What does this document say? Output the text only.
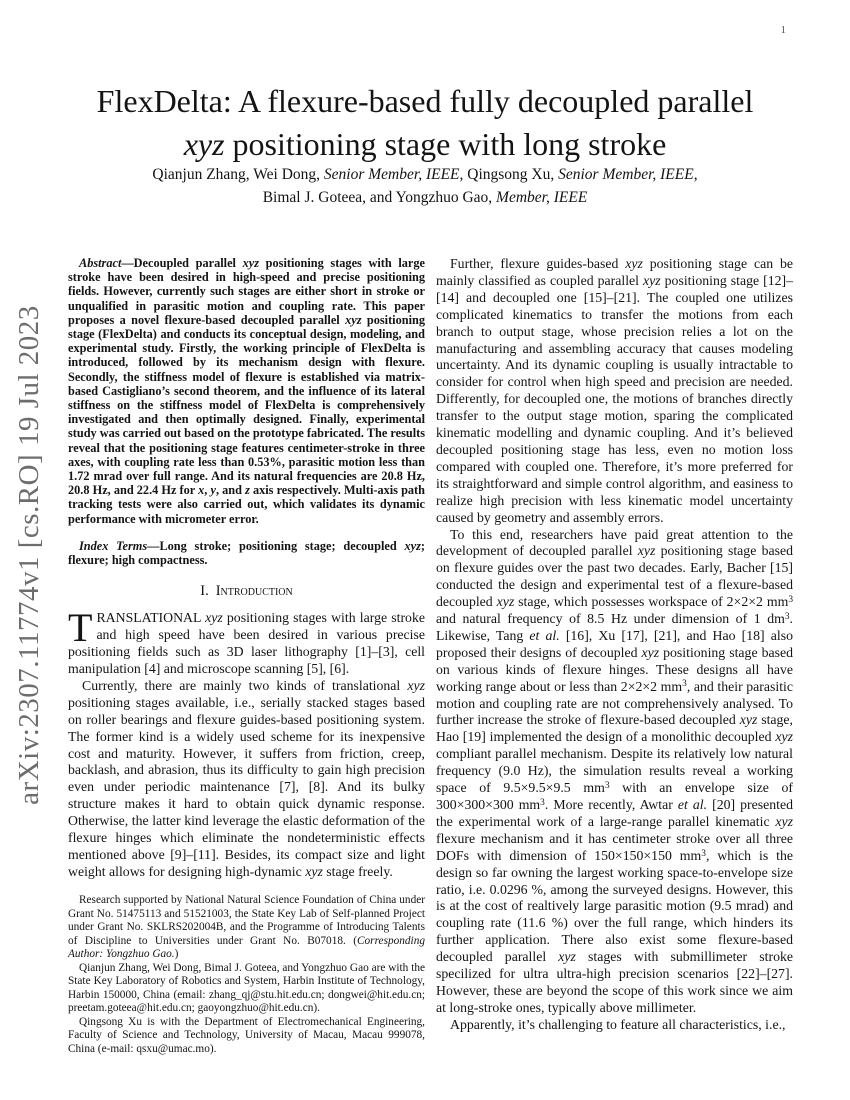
arXiv:2307.11774v1 [cs.RO] 19 Jul 2023
1
FlexDelta: A flexure-based fully decoupled parallel
xyz positioning stage with long stroke
Qianjun Zhang, Wei Dong, Senior Member, IEEE, Qingsong Xu, Senior Member, IEEE,
Bimal J. Goteea, and Yongzhuo Gao, Member, IEEE

Abstract—Decoupled parallel xyz positioning stages with large stroke have been desired in high-speed and precise positioning fields. However, currently such stages are either short in stroke or unqualified in parasitic motion and coupling rate. This paper proposes a novel flexure-based decoupled parallel xyz positioning stage (FlexDelta) and conducts its conceptual design, modeling, and experimental study. Firstly, the working principle of FlexDelta is introduced, followed by its mechanism design with flexure. Secondly, the stiffness model of flexure is established via matrix-based Castigliano’s second theorem, and the influence of its lateral stiffness on the stiffness model of FlexDelta is comprehensively investigated and then optimally designed. Finally, experimental study was carried out based on the prototype fabricated. The results reveal that the positioning stage features centimeter-stroke in three axes, with coupling rate less than 0.53%, parasitic motion less than 1.72 mrad over full range. And its natural frequencies are 20.8 Hz, 20.8 Hz, and 22.4 Hz for x, y, and z axis respectively. Multi-axis path tracking tests were also carried out, which validates its dynamic performance with micrometer error.

Index Terms—Long stroke; positioning stage; decoupled xyz; flexure; high compactness.

I. Introduction

TRANSLATIONAL xyz positioning stages with large stroke and high speed have been desired in various precise positioning fields such as 3D laser lithography [1]–[3], cell manipulation [4] and microscope scanning [5], [6].

Currently, there are mainly two kinds of translational xyz positioning stages available, i.e., serially stacked stages based on roller bearings and flexure guides-based positioning system. The former kind is a widely used scheme for its inexpensive cost and maturity. However, it suffers from friction, creep, backlash, and abrasion, thus its difficulty to gain high precision even under periodic maintenance [7], [8]. And its bulky structure makes it hard to obtain quick dynamic response. Otherwise, the latter kind leverage the elastic deformation of the flexure hinges which eliminate the nondeterministic effects mentioned above [9]–[11]. Besides, its compact size and light weight allows for designing high-dynamic xyz stage freely.

Research supported by National Natural Science Foundation of China under Grant No. 51475113 and 51521003, the State Key Lab of Self-planned Project under Grant No. SKLRS202004B, and the Programme of Introducing Talents of Discipline to Universities under Grant No. B07018. (Corresponding Author: Yongzhuo Gao.)

Qianjun Zhang, Wei Dong, Bimal J. Goteea, and Yongzhuo Gao are with the State Key Laboratory of Robotics and System, Harbin Institute of Technology, Harbin 150000, China (email: zhang_qj@stu.hit.edu.cn; dongwei@hit.edu.cn; preetam.goteea@hit.edu.cn; gaoyongzhuo@hit.edu.cn).

Qingsong Xu is with the Department of Electromechanical Engineering, Faculty of Science and Technology, University of Macau, Macau 999078, China (e-mail: qsxu@umac.mo).

Further, flexure guides-based xyz positioning stage can be mainly classified as coupled parallel xyz positioning stage [12]–[14] and decoupled one [15]–[21]. The coupled one utilizes complicated kinematics to transfer the motions from each branch to output stage, whose precision relies a lot on the manufacturing and assembling accuracy that causes modeling uncertainty. And its dynamic coupling is usually intractable to consider for control when high speed and precision are needed. Differently, for decoupled one, the motions of branches directly transfer to the output stage motion, sparing the complicated kinematic modelling and dynamic coupling. And it’s believed decoupled positioning stage has less, even no motion loss compared with coupled one. Therefore, it’s more preferred for its straightforward and simple control algorithm, and easiness to realize high precision with less kinematic model uncertainty caused by geometry and assembly errors.

To this end, researchers have paid great attention to the development of decoupled parallel xyz positioning stage based on flexure guides over the past two decades. Early, Bacher [15] conducted the design and experimental test of a flexure-based decoupled xyz stage, which possesses workspace of 2×2×2 $mm^3$ and natural frequency of 8.5 Hz under dimension of 1 $dm^3$. Likewise, Tang et al. [16], Xu [17], [21], and Hao [18] also proposed their designs of decoupled xyz positioning stage based on various kinds of flexure hinges. These designs all have working range about or less than 2×2×2 $mm^3$, and their parasitic motion and coupling rate are not comprehensively analysed. To further increase the stroke of flexure-based decoupled xyz stage, Hao [19] implemented the design of a monolithic decoupled xyz compliant parallel mechanism. Despite its relatively low natural frequency (9.0 Hz), the simulation results reveal a working space of 9.5×9.5×9.5 $mm^3$ with an envelope size of 300×300×300 $mm^3$. More recently, Awtar et al. [20] presented the experimental work of a large-range parallel kinematic xyz flexure mechanism and it has centimeter stroke over all three DOFs with dimension of 150×150×150 $mm^3$, which is the design so far owning the largest working space-to-envelope size ratio, i.e. 0.0296 %, among the surveyed designs. However, this is at the cost of realtively large parasitic motion (9.5 mrad) and coupling rate (11.6 %) over the full range, which hinders its further application. There also exist some flexure-based decoupled parallel xyz stages with submillimeter stroke specilized for ultra ultra-high precision scenarios [22]–[27]. However, these are beyond the scope of this work since we aim at long-stroke ones, typically above millimeter.

Apparently, it’s challenging to feature all characteristics, i.e.,
